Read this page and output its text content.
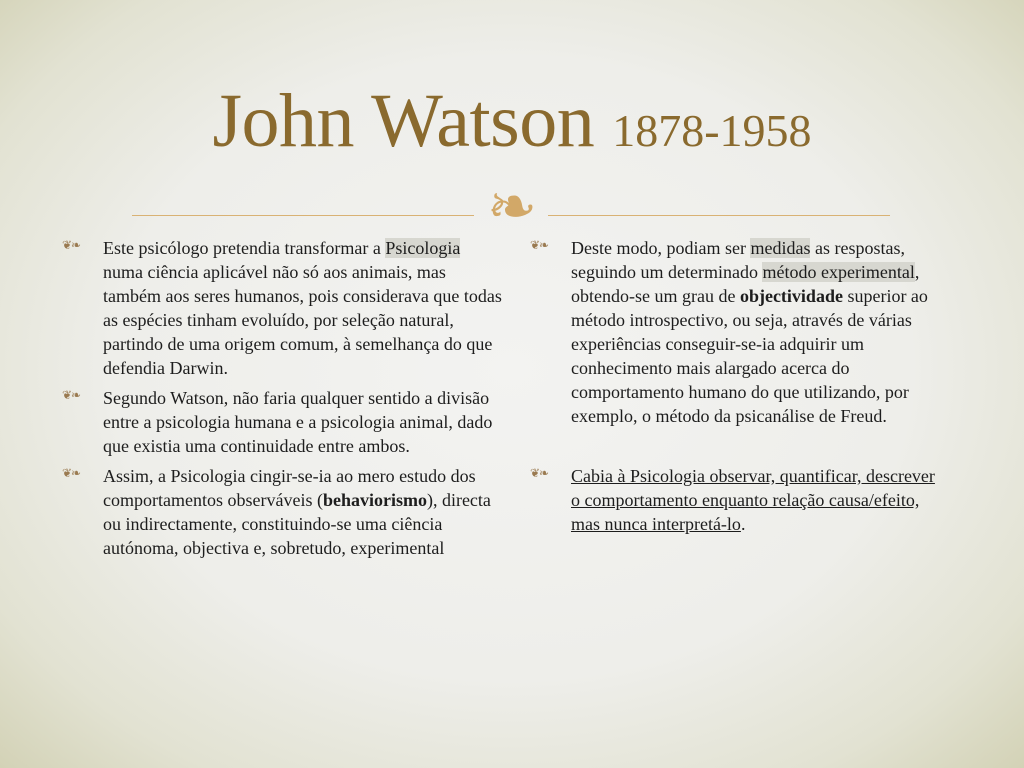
John Watson 1878-1958
❧
❦❧ Este psicólogo pretendia transformar a Psicologia numa ciência aplicável não só aos animais, mas também aos seres humanos, pois considerava que todas as espécies tinham evoluído, por seleção natural, partindo de uma origem comum, à semelhança do que defendia Darwin.
❦❧ Segundo Watson, não faria qualquer sentido a divisão entre a psicologia humana e a psicologia animal, dado que existia uma continuidade entre ambos.
❦❧ Assim, a Psicologia cingir-se-ia ao mero estudo dos comportamentos observáveis (behaviorismo), directa ou indirectamente, constituindo-se uma ciência autónoma, objectiva e, sobretudo, experimental
❦❧ Deste modo, podiam ser medidas as respostas, seguindo um determinado método experimental, obtendo-se um grau de objectividade superior ao método introspectivo, ou seja, através de várias experiências conseguir-se-ia adquirir um conhecimento mais alargado acerca do comportamento humano do que utilizando, por exemplo, o método da psicanálise de Freud.
❦❧ Cabia à Psicologia observar, quantificar, descrever o comportamento enquanto relação causa/efeito, mas nunca interpretá-lo.
